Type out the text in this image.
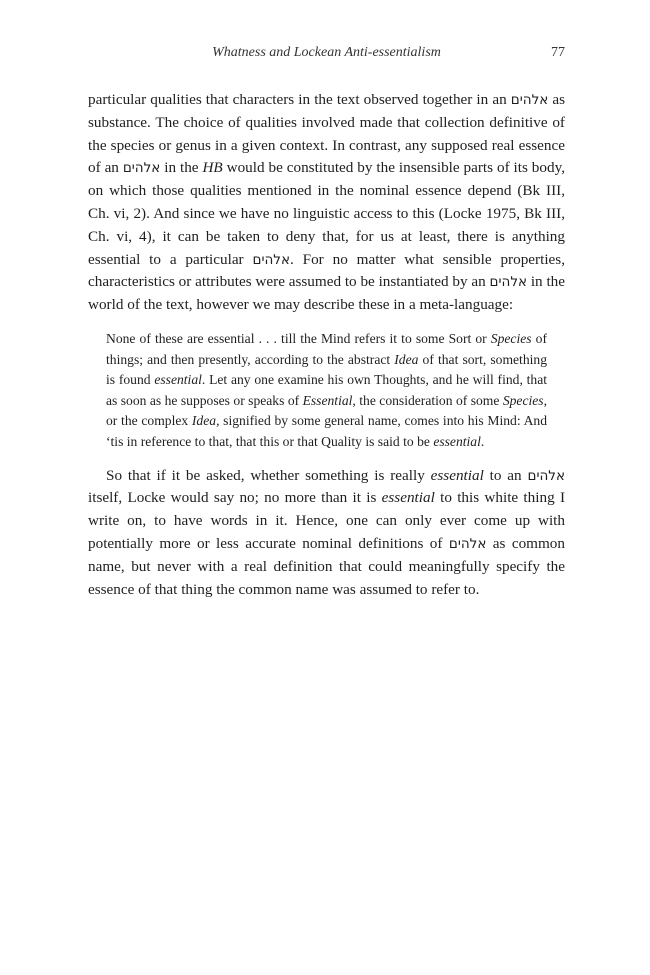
Whatness and Lockean Anti-essentialism	77

particular qualities that characters in the text observed together in an אלהים as substance. The choice of qualities involved made that collection definitive of the species or genus in a given context. In contrast, any supposed real essence of an אלהים in the HB would be constituted by the insensible parts of its body, on which those qualities mentioned in the nominal essence depend (Bk III, Ch. vi, 2). And since we have no linguistic access to this (Locke 1975, Bk III, Ch. vi, 4), it can be taken to deny that, for us at least, there is anything essential to a particular אלהים. For no matter what sensible properties, characteristics or attributes were assumed to be instantiated by an אלהים in the world of the text, however we may describe these in a meta-language:

None of these are essential . . . till the Mind refers it to some Sort or Species of things; and then presently, according to the abstract Idea of that sort, something is found essential. Let any one examine his own Thoughts, and he will find, that as soon as he supposes or speaks of Essential, the consideration of some Species, or the complex Idea, signified by some general name, comes into his Mind: And ‘tis in reference to that, that this or that Quality is said to be essential.

So that if it be asked, whether something is really essential to an אלהים itself, Locke would say no; no more than it is essential to this white thing I write on, to have words in it. Hence, one can only ever come up with potentially more or less accurate nominal definitions of אלהים as common name, but never with a real definition that could meaningfully specify the essence of that thing the common name was assumed to refer to.
